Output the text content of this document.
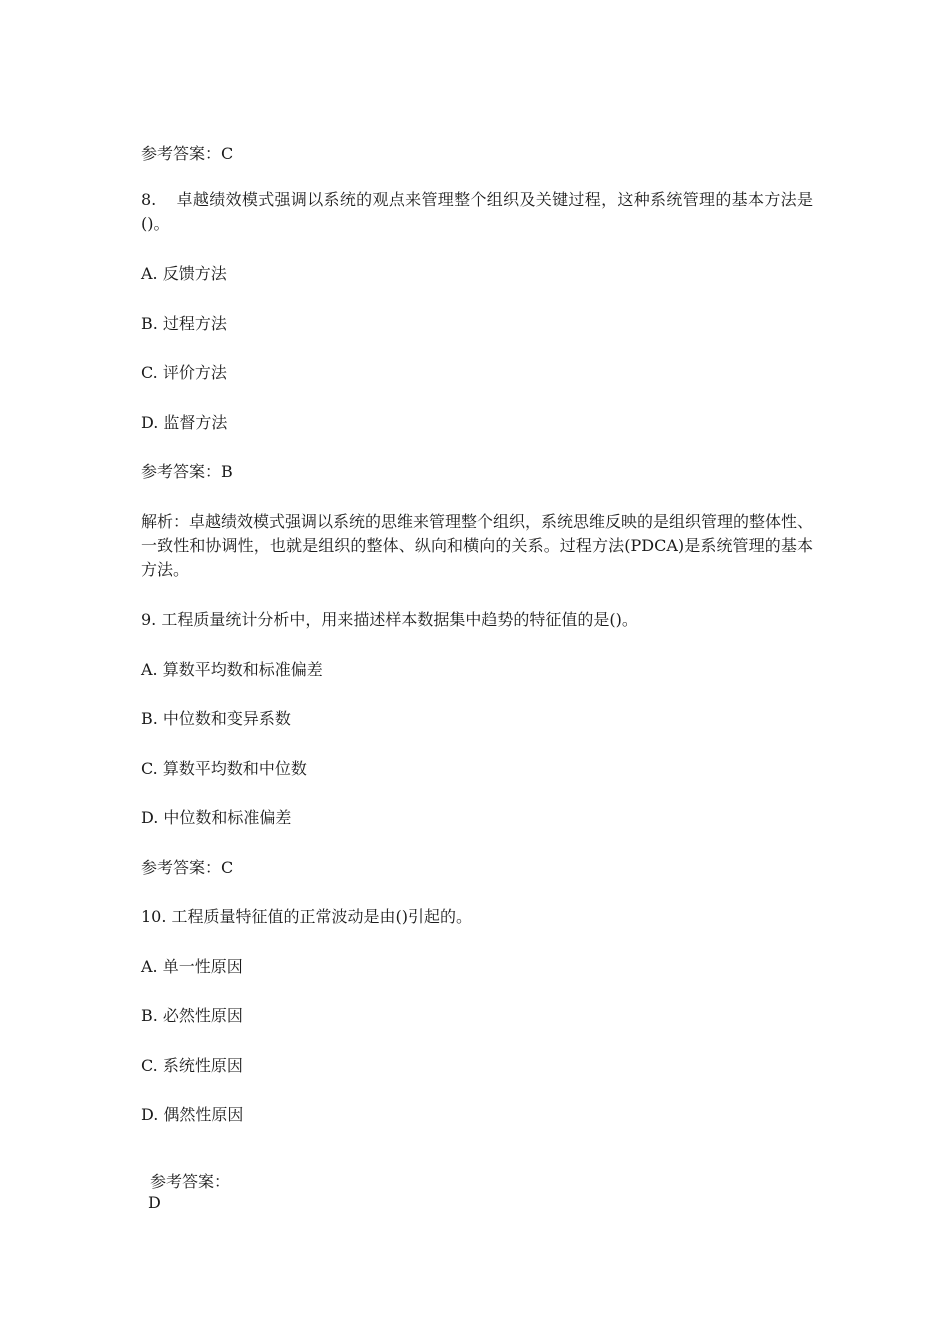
参考答案：C
8. 卓越绩效模式强调以系统的观点来管理整个组织及关键过程，这种系统管理的基本方法是()。
A. 反馈方法
B. 过程方法
C. 评价方法
D. 监督方法
参考答案：B
解析：卓越绩效模式强调以系统的思维来管理整个组织，系统思维反映的是组织管理的整体性、一致性和协调性，也就是组织的整体、纵向和横向的关系。过程方法(PDCA)是系统管理的基本方法。
9. 工程质量统计分析中，用来描述样本数据集中趋势的特征值的是()。
A. 算数平均数和标准偏差
B. 中位数和变异系数
C. 算数平均数和中位数
D. 中位数和标准偏差
参考答案：C
10. 工程质量特征值的正常波动是由()引起的。
A. 单一性原因
B. 必然性原因
C. 系统性原因
D. 偶然性原因
参考答案：
D
